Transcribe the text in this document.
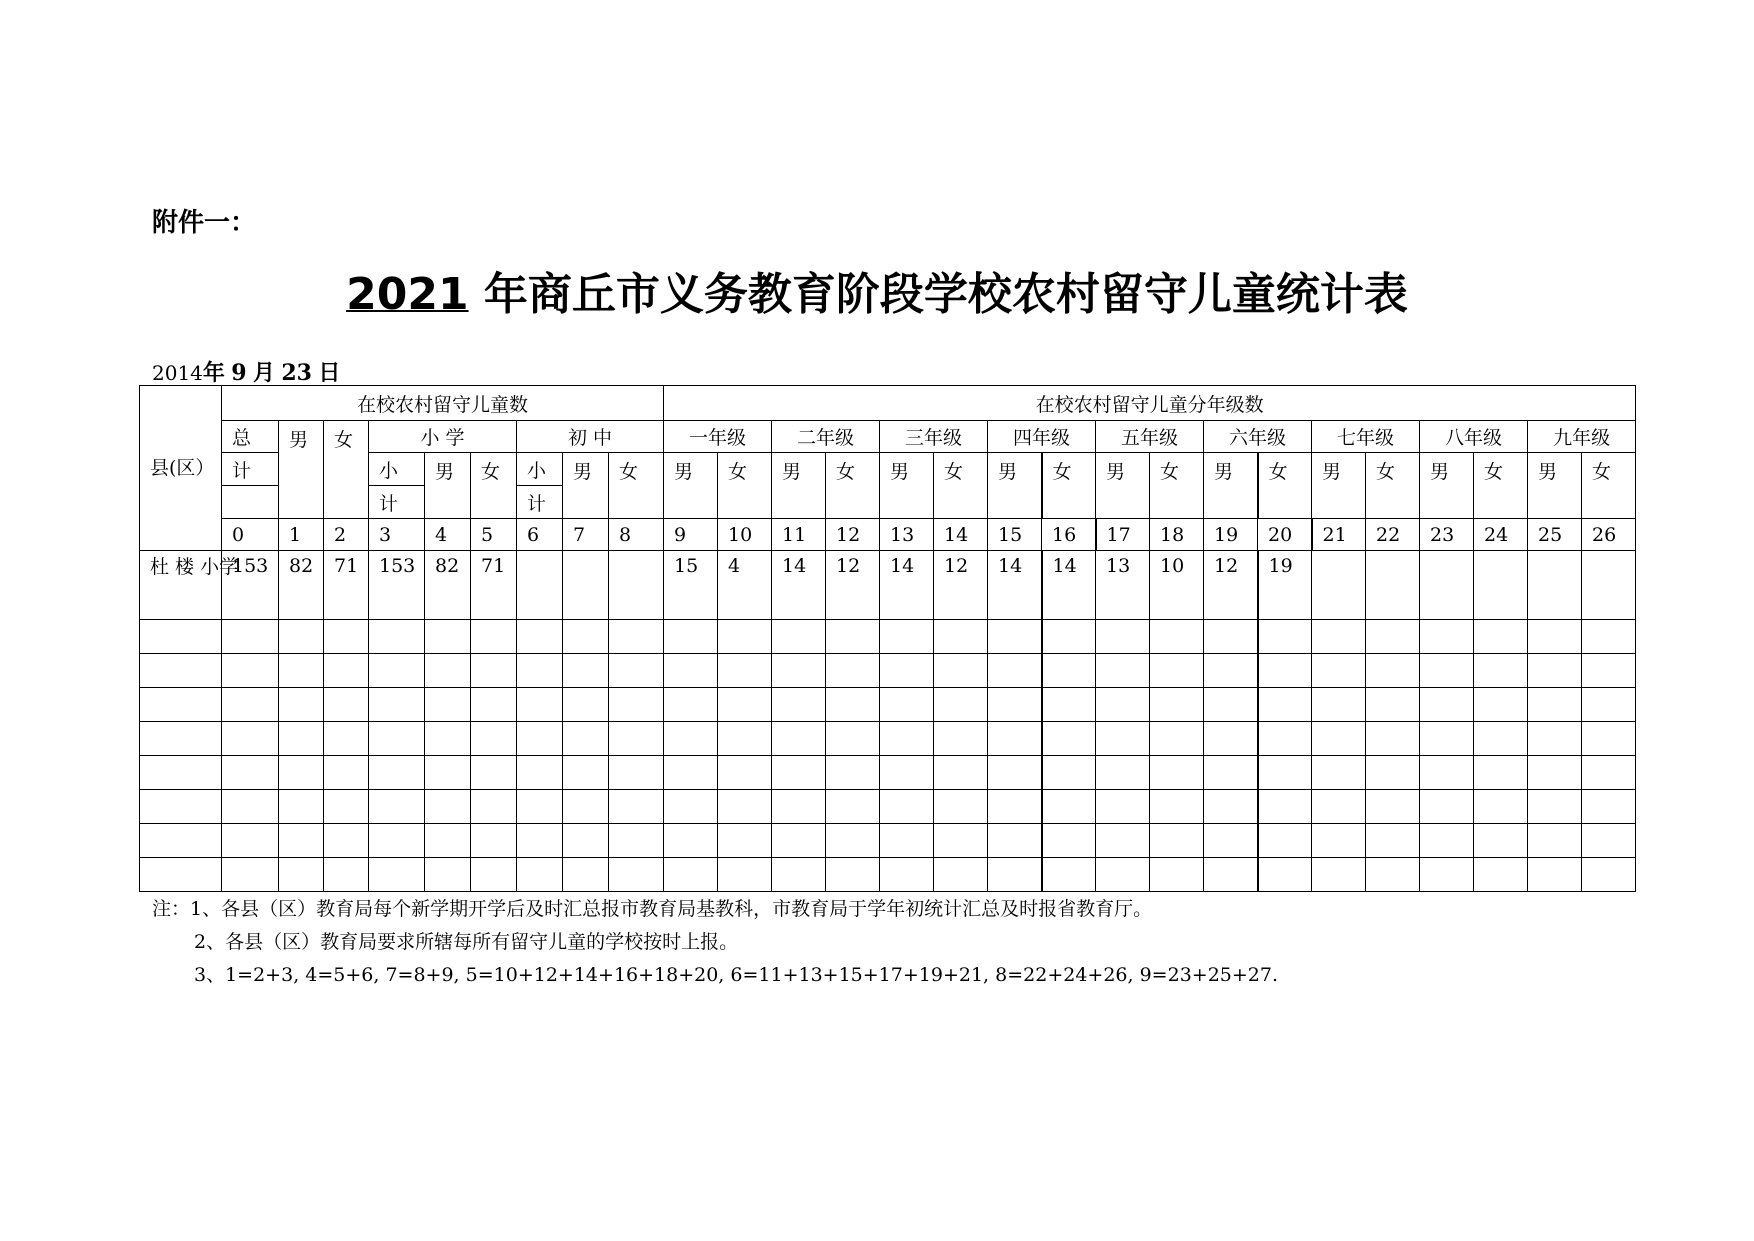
附件一：
2021 年商丘市义务教育阶段学校农村留守儿童统计表
2014年 9 月 23 日
县(区）	在校农村留守儿童数									在校农村留守儿童分年级数																		
	总	男	女	小 学			初 中			一年级		二年级		三年级		四年级		五年级		六年级		七年级		八年级		九年级		
	计			小	男	女	小	男	女	男	女	男	女	男	女	男	女	男	女	男	女	男	女	男	女	男	女	
				计			计																					
	0	1	2	3	4	5	6	7	8	9	10	11	12	13	14	15	16	17	18	19	20	21	22	23	24	25	26	
杜 楼 小学	153	82	71	153	82	71				15	4	14	12	14	12	14	14	13	10	12	19							

注：1、各县（区）教育局每个新学期开学后及时汇总报市教育局基教科，市教育局于学年初统计汇总及时报省教育厅。
2、各县（区）教育局要求所辖每所有留守儿童的学校按时上报。
3、1=2+3, 4=5+6, 7=8+9, 5=10+12+14+16+18+20, 6=11+13+15+17+19+21, 8=22+24+26, 9=23+25+27.
